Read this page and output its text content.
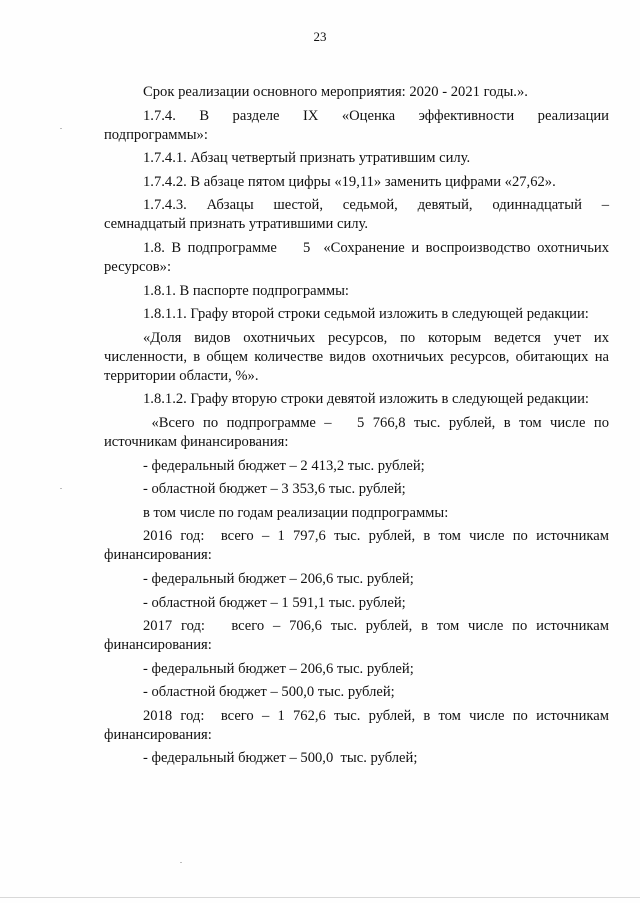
23

Срок реализации основного мероприятия: 2020 - 2021 годы.».

1.7.4.     В     разделе     IX     «Оценка     эффективности     реализации подпрограммы»:

1.7.4.1. Абзац четвертый признать утратившим силу.

1.7.4.2. В абзаце пятом цифры «19,11» заменить цифрами «27,62».

1.7.4.3.   Абзацы   шестой,   седьмой,   девятый,   одиннадцатый   – семнадцатый признать утратившими силу.

1.8. В подпрограмме    5  «Сохранение и воспроизводство охотничьих ресурсов»:

1.8.1. В паспорте подпрограммы:

1.8.1.1. Графу второй строки седьмой изложить в следующей редакции:

«Доля видов охотничьих ресурсов, по которым ведется учет их численности, в общем количестве видов охотничьих ресурсов, обитающих на территории области, %».

1.8.1.2. Графу вторую строки девятой изложить в следующей редакции:

«Всего по подпрограмме –   5 766,8 тыс. рублей, в том числе по источникам финансирования:

- федеральный бюджет – 2 413,2 тыс. рублей;

- областной бюджет – 3 353,6 тыс. рублей;

в том числе по годам реализации подпрограммы:

2016 год:  всего – 1 797,6 тыс. рублей, в том числе по источникам финансирования:

- федеральный бюджет – 206,6 тыс. рублей;

- областной бюджет – 1 591,1 тыс. рублей;

2017 год:   всего – 706,6 тыс. рублей, в том числе по источникам финансирования:

- федеральный бюджет – 206,6 тыс. рублей;

- областной бюджет – 500,0 тыс. рублей;

2018 год:  всего – 1 762,6 тыс. рублей, в том числе по источникам финансирования:

- федеральный бюджет – 500,0  тыс. рублей;
